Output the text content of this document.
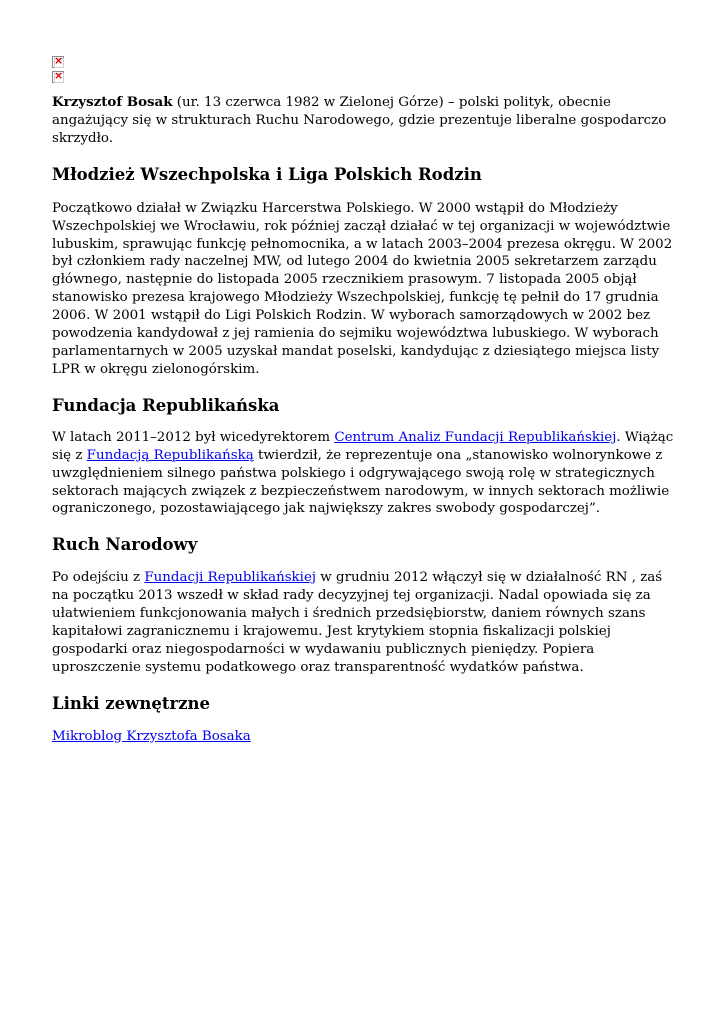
×
×

Krzysztof Bosak (ur. 13 czerwca 1982 w Zielonej Górze) – polski polityk, obecnie angażujący się w strukturach Ruchu Narodowego, gdzie prezentuje liberalne gospodarczo skrzydło.

Młodzież Wszechpolska i Liga Polskich Rodzin

Początkowo działał w Związku Harcerstwa Polskiego. W 2000 wstąpił do Młodzieży Wszechpolskiej we Wrocławiu, rok później zaczął działać w tej organizacji w województwie lubuskim, sprawując funkcję pełnomocnika, a w latach 2003–2004 prezesa okręgu. W 2002 był członkiem rady naczelnej MW, od lutego 2004 do kwietnia 2005 sekretarzem zarządu głównego, następnie do listopada 2005 rzecznikiem prasowym. 7 listopada 2005 objął stanowisko prezesa krajowego Młodzieży Wszechpolskiej, funkcję tę pełnił do 17 grudnia 2006. W 2001 wstąpił do Ligi Polskich Rodzin. W wyborach samorządowych w 2002 bez powodzenia kandydował z jej ramienia do sejmiku województwa lubuskiego. W wyborach parlamentarnych w 2005 uzyskał mandat poselski, kandydując z dziesiątego miejsca listy LPR w okręgu zielonogórskim.

Fundacja Republikańska

W latach 2011–2012 był wicedyrektorem Centrum Analiz Fundacji Republikańskiej. Wiążąc się z Fundacją Republikańską twierdził, że reprezentuje ona „stanowisko wolnorynkowe z uwzględnieniem silnego państwa polskiego i odgrywającego swoją rolę w strategicznych sektorach mających związek z bezpieczeństwem narodowym, w innych sektorach możliwie ograniczonego, pozostawiającego jak największy zakres swobody gospodarczej”.

Ruch Narodowy

Po odejściu z Fundacji Republikańskiej w grudniu 2012 włączył się w działalność RN , zaś na początku 2013 wszedł w skład rady decyzyjnej tej organizacji. Nadal opowiada się za ułatwieniem funkcjonowania małych i średnich przedsiębiorstw, daniem równych szans kapitałowi zagranicznemu i krajowemu. Jest krytykiem stopnia fiskalizacji polskiej gospodarki oraz niegospodarności w wydawaniu publicznych pieniędzy. Popiera uproszczenie systemu podatkowego oraz transparentność wydatków państwa.

Linki zewnętrzne

Mikroblog Krzysztofa Bosaka
